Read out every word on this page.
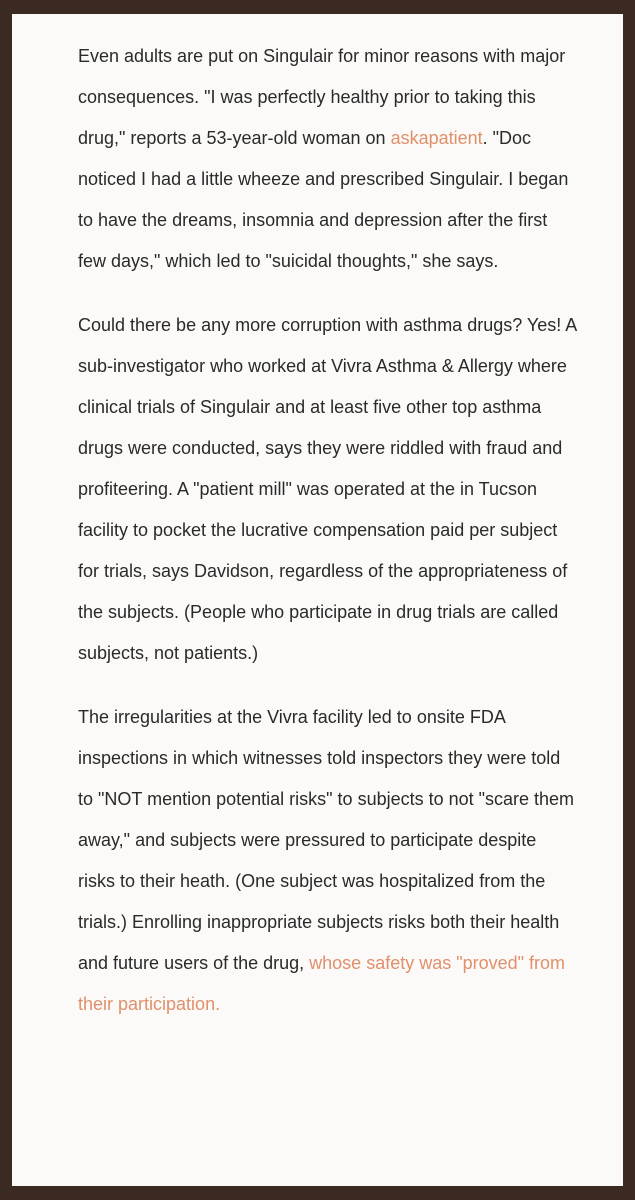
Even adults are put on Singulair for minor reasons with major consequences. "I was perfectly healthy prior to taking this drug," reports a 53-year-old woman on askapatient. "Doc noticed I had a little wheeze and prescribed Singulair. I began to have the dreams, insomnia and depression after the first few days," which led to "suicidal thoughts," she says.

Could there be any more corruption with asthma drugs? Yes! A sub-investigator who worked at Vivra Asthma & Allergy where clinical trials of Singulair and at least five other top asthma drugs were conducted, says they were riddled with fraud and profiteering. A "patient mill" was operated at the in Tucson facility to pocket the lucrative compensation paid per subject for trials, says Davidson, regardless of the appropriateness of the subjects. (People who participate in drug trials are called subjects, not patients.)

The irregularities at the Vivra facility led to onsite FDA inspections in which witnesses told inspectors they were told to "NOT mention potential risks" to subjects to not "scare them away," and subjects were pressured to participate despite risks to their heath. (One subject was hospitalized from the trials.) Enrolling inappropriate subjects risks both their health and future users of the drug, whose safety was "proved" from their participation.
